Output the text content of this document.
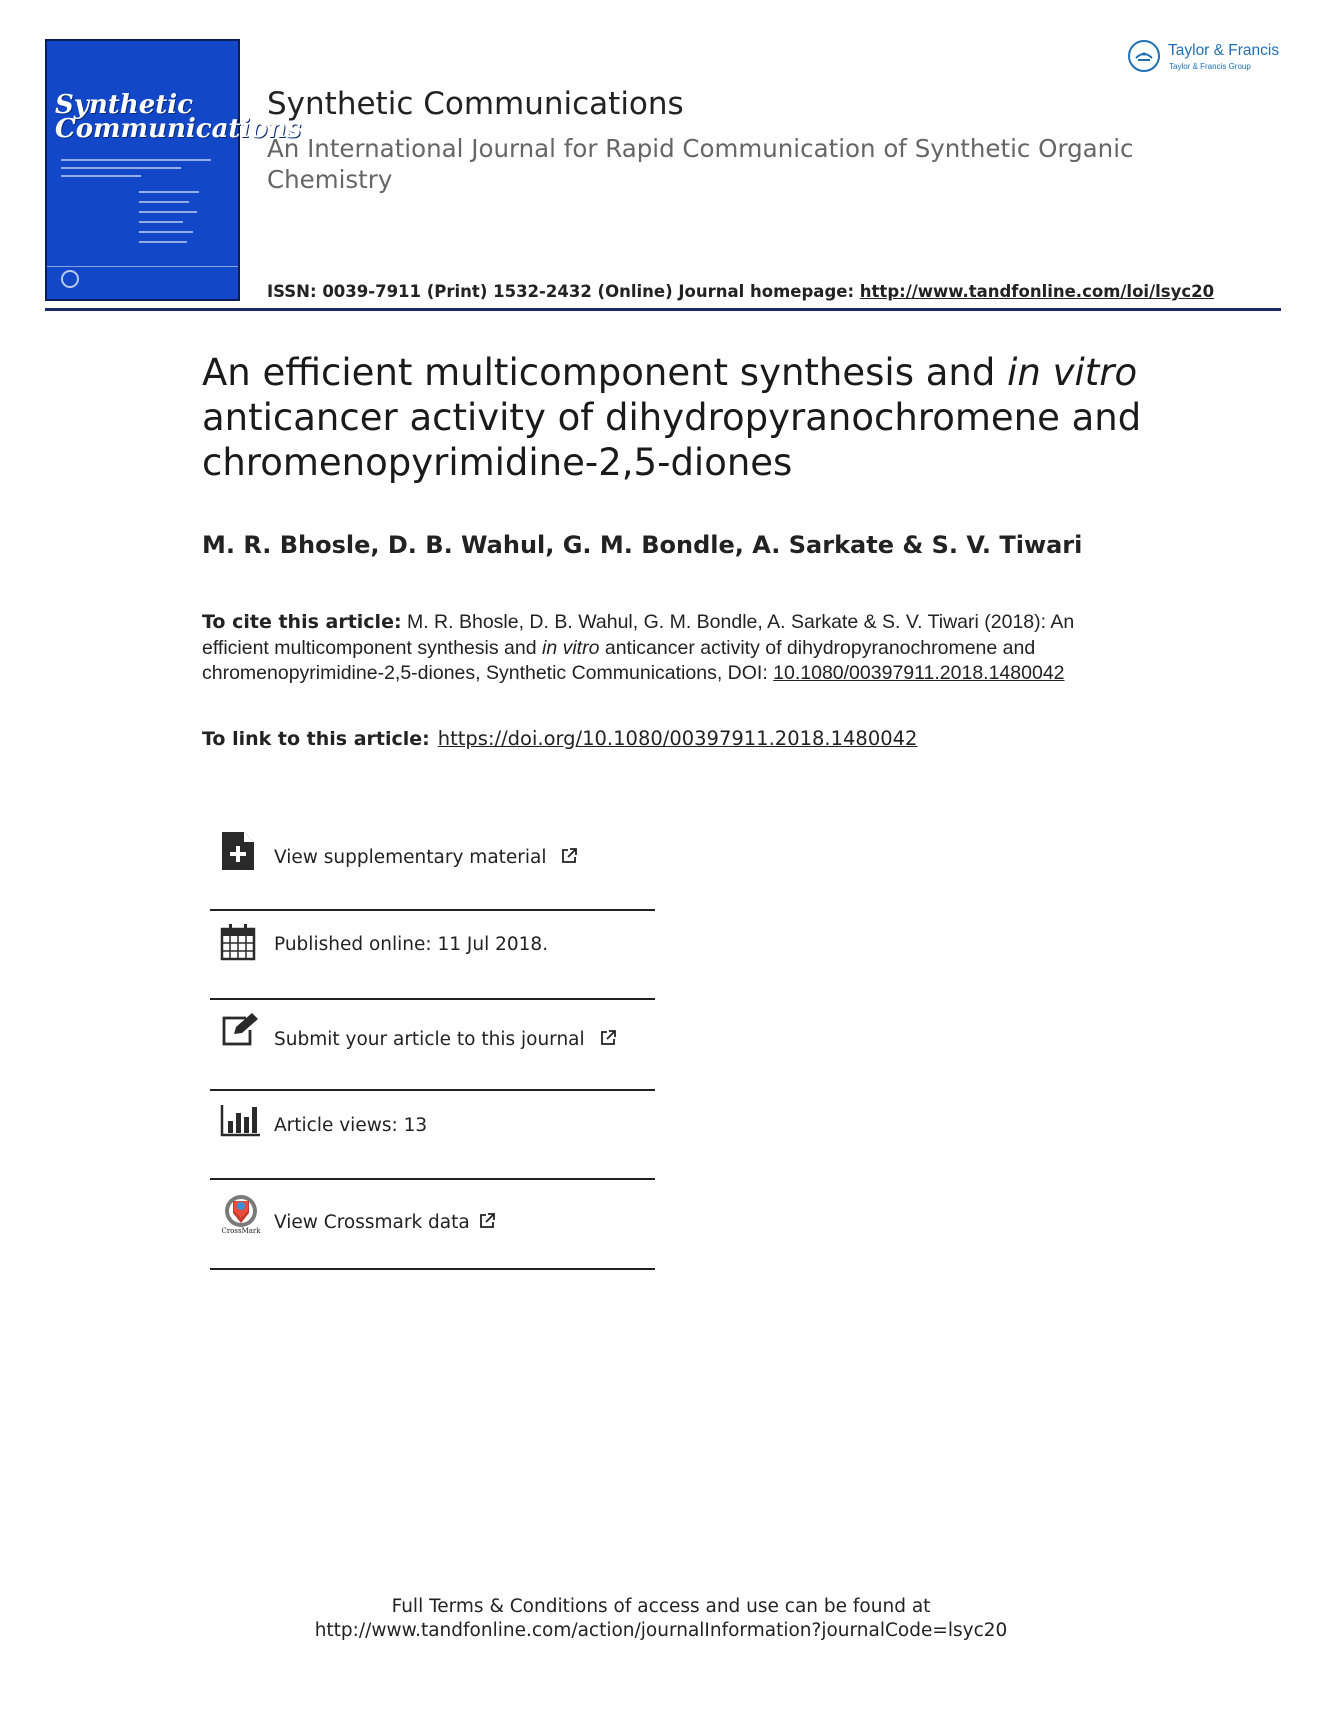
Synthetic
Communications
Synthetic Communications
An International Journal for Rapid Communication of Synthetic Organic Chemistry
ISSN: 0039-7911 (Print) 1532-2432 (Online) Journal homepage: http://www.tandfonline.com/loi/lsyc20
Taylor & Francis
Taylor & Francis Group
An efficient multicomponent synthesis and in vitro anticancer activity of dihydropyranochromene and chromenopyrimidine-2,5-diones
M. R. Bhosle, D. B. Wahul, G. M. Bondle, A. Sarkate & S. V. Tiwari
To cite this article: M. R. Bhosle, D. B. Wahul, G. M. Bondle, A. Sarkate & S. V. Tiwari (2018): An efficient multicomponent synthesis and in vitro anticancer activity of dihydropyranochromene and chromenopyrimidine-2,5-diones, Synthetic Communications, DOI: 10.1080/00397911.2018.1480042
To link to this article: https://doi.org/10.1080/00397911.2018.1480042
View supplementary material
Published online: 11 Jul 2018.
Submit your article to this journal
Article views: 13
CrossMark View Crossmark data
Full Terms & Conditions of access and use can be found at
http://www.tandfonline.com/action/journalInformation?journalCode=lsyc20
